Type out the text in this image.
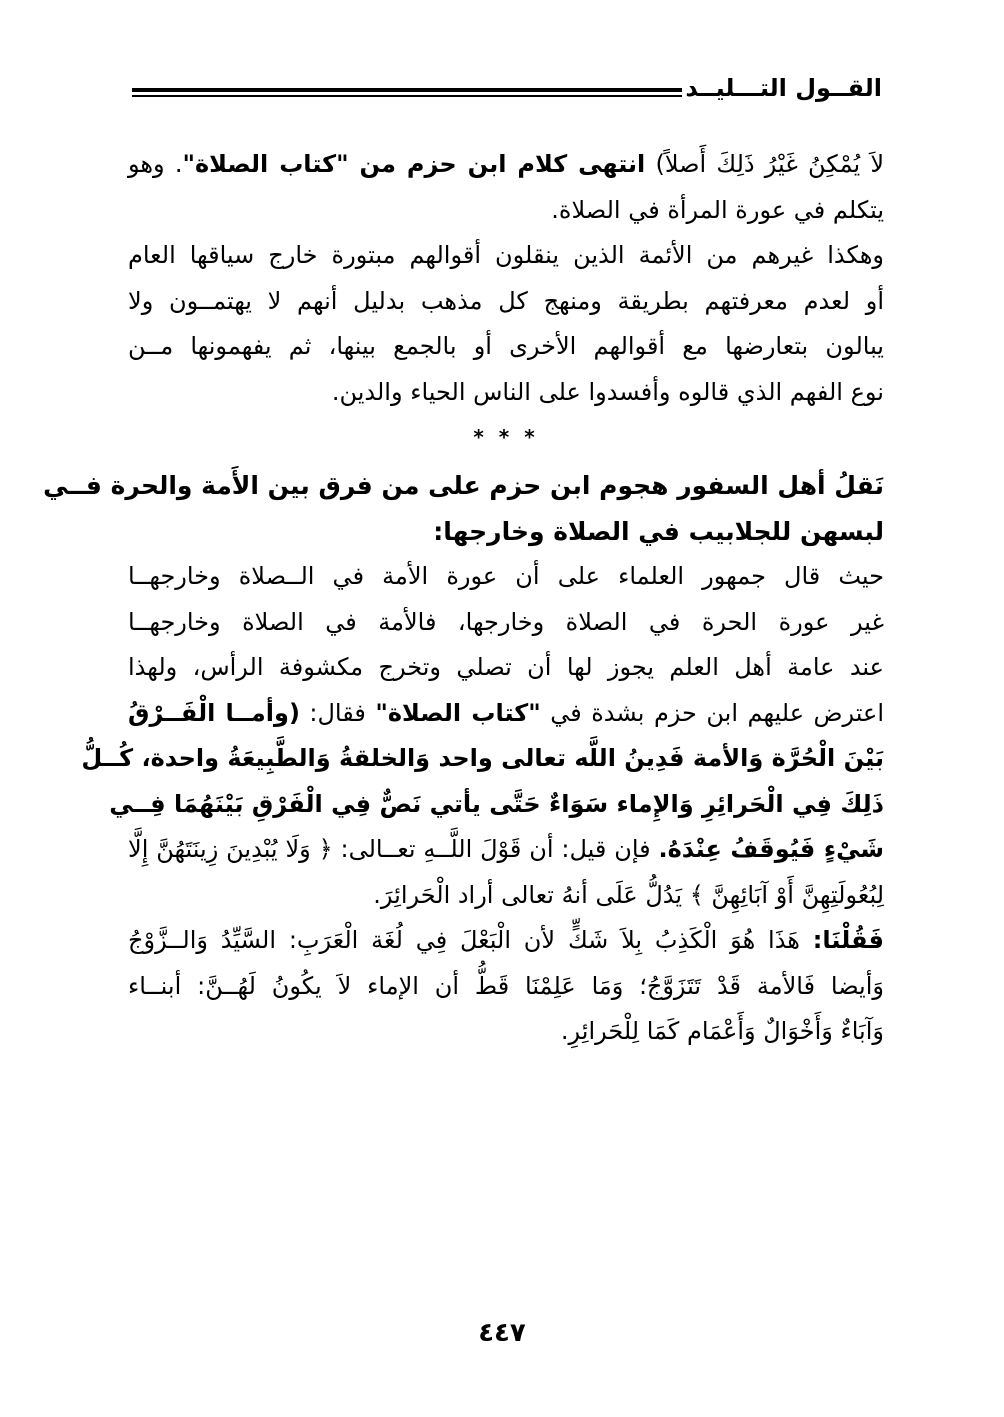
القــول التـــليــد
لاَ يُمْكِنُ غَيْرُ ذَلِكَ أَصلاً) انتهى كلام ابن حزم من "كتاب الصلاة". وهو
يتكلم في عورة المرأة في الصلاة.
وهكذا غيرهم من الأئمة الذين ينقلون أقوالهم مبتورة خارج سياقها العام
أو لعدم معرفتهم بطريقة ومنهج كل مذهب بدليل أنهم لا يهتمــون ولا
يبالون بتعارضها مع أقوالهم الأخرى أو بالجمع بينها، ثم يفهمونها مــن
نوع الفهم الذي قالوه وأفسدوا على الناس الحياء والدين.
* * *
نَقلُ أهل السفور هجوم ابن حزم على من فرق بين الأَمة والحرة فــي
لبسهن للجلابيب في الصلاة وخارجها:
حيث قال جمهور العلماء على أن عورة الأمة في الــصلاة وخارجهــا
غير عورة الحرة في الصلاة وخارجها، فالأمة في الصلاة وخارجهــا
عند عامة أهل العلم يجوز لها أن تصلي وتخرج مكشوفة الرأس، ولهذا
اعترض عليهم ابن حزم بشدة في "كتاب الصلاة" فقال: (وأمــا الْفَــرْقُ
بَيْنَ الْحُرَّة وَالأمة فَدِينُ اللَّه تعالى واحد وَالخلقةُ وَالطَّبِيعَةُ واحدة، كُــلُّ
ذَلِكَ فِي الْحَرائِرِ وَالإِماء سَوَاءٌ حَتَّى يأتي نَصٌّ فِي الْفَرْقِ بَيْنَهُمَا فِــي
شَيْءٍ فَيُوقَفُ عِنْدَهُ. فإن قيل: أن قَوْلَ اللَّــهِ تعــالى: ﴿ وَلَا يُبْدِينَ زِينَتَهُنَّ إِلَّا
لِبُعُولَتِهِنَّ أَوْ آبَائِهِنَّ ﴾ يَدُلُّ عَلَى أنهُ تعالى أراد الْحَرائِرَ.
فَقُلْنَا: هَذَا هُوَ الْكَذِبُ بِلاَ شَكٍّ لأن الْبَعْلَ فِي لُغَة الْعَرَبِ: السَّيِّدُ وَالــزَّوْجُ
وَأيضا فَالأمة قَدْ تَتَزَوَّجُ؛ وَمَا عَلِمْنَا قَطُّ أن الإماء لاَ يكُونُ لَهُــنَّ: أبنــاء
وَآبَاءٌ وَأَخْوَالٌ وَأَعْمَام كَمَا لِلْحَرائِرِ.
٤٤٧
